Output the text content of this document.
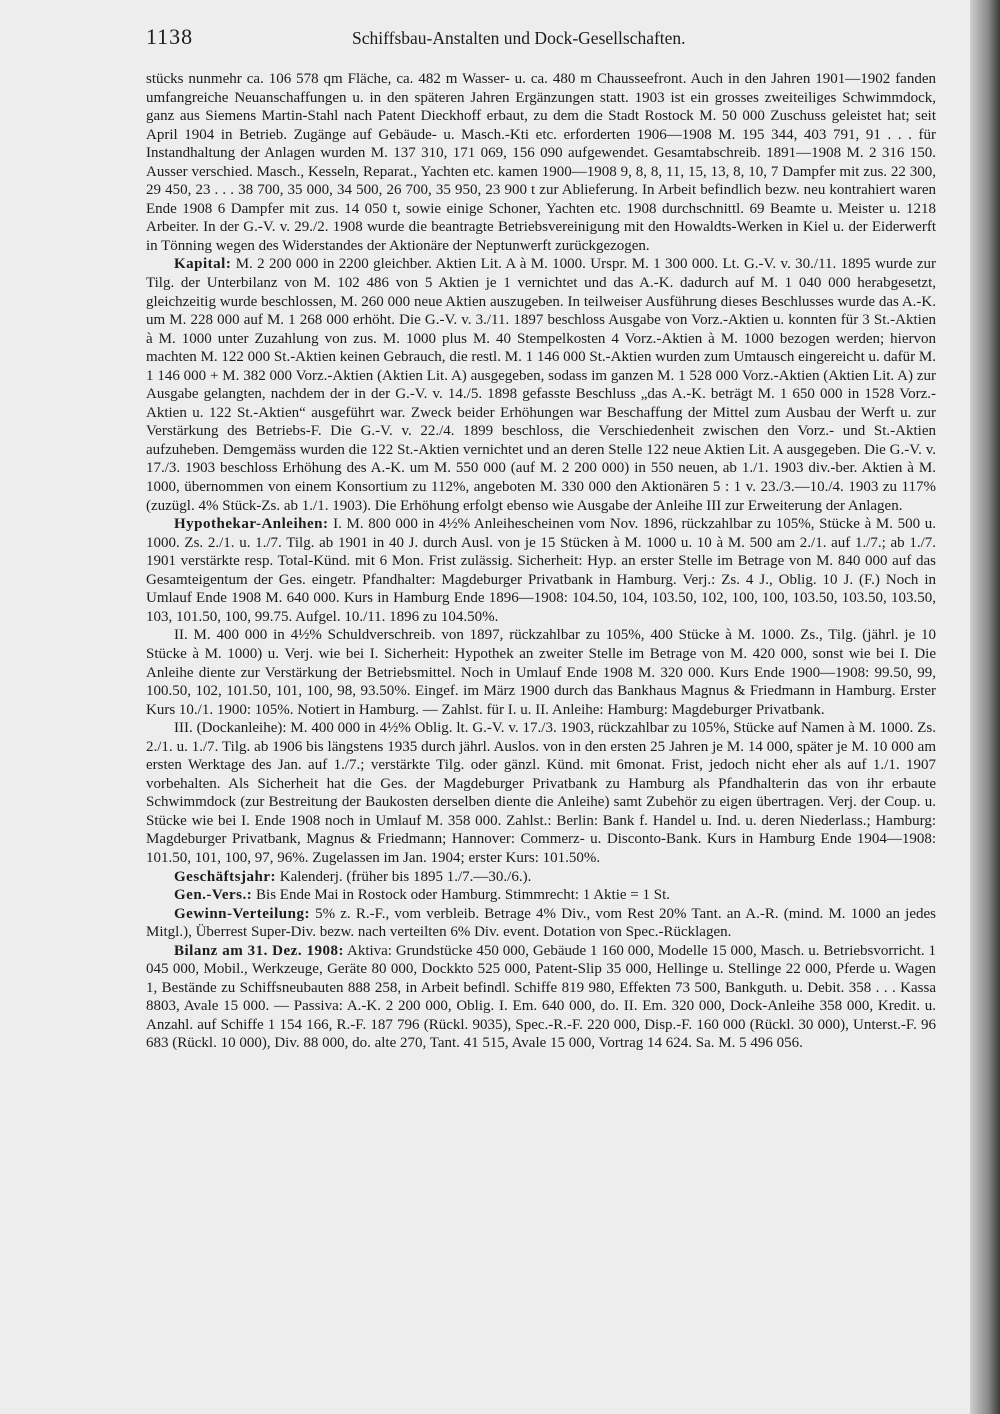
1138	Schiffsbau-Anstalten und Dock-Gesellschaften.

stücks nunmehr ca. 106 578 qm Fläche, ca. 482 m Wasser- u. ca. 480 m Chausseefront. Auch in den Jahren 1901—1902 fanden umfangreiche Neuanschaffungen u. in den späteren Jahren Ergänzungen statt. 1903 ist ein grosses zweiteiliges Schwimmdock, ganz aus Siemens Martin-Stahl nach Patent Dieckhoff erbaut, zu dem die Stadt Rostock M. 50 000 Zuschuss geleistet hat; seit April 1904 in Betrieb. Zugänge auf Gebäude- u. Masch.-Kti etc. erforderten 1906—1908 M. 195 344, 403 791, 91 . . . für Instandhaltung der Anlagen wurden M. 137 310, 171 069, 156 090 aufgewendet. Gesamtabschreib. 1891—1908 M. 2 316 150. Ausser verschied. Masch., Kesseln, Reparat., Yachten etc. kamen 1900—1908 9, 8, 8, 11, 15, 13, 8, 10, 7 Dampfer mit zus. 22 300, 29 450, 23 . . . 38 700, 35 000, 34 500, 26 700, 35 950, 23 900 t zur Ablieferung. In Arbeit befindlich bezw. neu kontrahiert waren Ende 1908 6 Dampfer mit zus. 14 050 t, sowie einige Schoner, Yachten etc. 1908 durchschnittl. 69 Beamte u. Meister u. 1218 Arbeiter. In der G.-V. v. 29./2. 1908 wurde die beantragte Betriebsvereinigung mit den Howaldts-Werken in Kiel u. der Eiderwerft in Tönning wegen des Widerstandes der Aktionäre der Neptunwerft zurückgezogen.

Kapital: M. 2 200 000 in 2200 gleichber. Aktien Lit. A à M. 1000. Urspr. M. 1 300 000. Lt. G.-V. v. 30./11. 1895 wurde zur Tilg. der Unterbilanz von M. 102 486 von 5 Aktien je 1 vernichtet und das A.-K. dadurch auf M. 1 040 000 herabgesetzt, gleichzeitig wurde beschlossen, M. 260 000 neue Aktien auszugeben. In teilweiser Ausführung dieses Beschlusses wurde das A.-K. um M. 228 000 auf M. 1 268 000 erhöht. Die G.-V. v. 3./11. 1897 beschloss Ausgabe von Vorz.-Aktien u. konnten für 3 St.-Aktien à M. 1000 unter Zuzahlung von zus. M. 1000 plus M. 40 Stempelkosten 4 Vorz.-Aktien à M. 1000 bezogen werden; hiervon machten M. 122 000 St.-Aktien keinen Gebrauch, die restl. M. 1 146 000 St.-Aktien wurden zum Umtausch eingereicht u. dafür M. 1 146 000 + M. 382 000 Vorz.-Aktien (Aktien Lit. A) ausgegeben, sodass im ganzen M. 1 528 000 Vorz.-Aktien (Aktien Lit. A) zur Ausgabe gelangten, nachdem der in der G.-V. v. 14./5. 1898 gefasste Beschluss „das A.-K. beträgt M. 1 650 000 in 1528 Vorz.-Aktien u. 122 St.-Aktien“ ausgeführt war. Zweck beider Erhöhungen war Beschaffung der Mittel zum Ausbau der Werft u. zur Verstärkung des Betriebs-F. Die G.-V. v. 22./4. 1899 beschloss, die Verschiedenheit zwischen den Vorz.- und St.-Aktien aufzuheben. Demgemäss wurden die 122 St.-Aktien vernichtet und an deren Stelle 122 neue Aktien Lit. A ausgegeben. Die G.-V. v. 17./3. 1903 beschloss Erhöhung des A.-K. um M. 550 000 (auf M. 2 200 000) in 550 neuen, ab 1./1. 1903 div.-ber. Aktien à M. 1000, übernommen von einem Konsortium zu 112%, angeboten M. 330 000 den Aktionären 5 : 1 v. 23./3.—10./4. 1903 zu 117% (zuzügl. 4% Stück-Zs. ab 1./1. 1903). Die Erhöhung erfolgt ebenso wie Ausgabe der Anleihe III zur Erweiterung der Anlagen.

Hypothekar-Anleihen: I. M. 800 000 in 4½% Anleihescheinen vom Nov. 1896, rückzahlbar zu 105%, Stücke à M. 500 u. 1000. Zs. 2./1. u. 1./7. Tilg. ab 1901 in 40 J. durch Ausl. von je 15 Stücken à M. 1000 u. 10 à M. 500 am 2./1. auf 1./7.; ab 1./7. 1901 verstärkte resp. Total-Künd. mit 6 Mon. Frist zulässig. Sicherheit: Hyp. an erster Stelle im Betrage von M. 840 000 auf das Gesamteigentum der Ges. eingetr. Pfandhalter: Magdeburger Privatbank in Hamburg. Verj.: Zs. 4 J., Oblig. 10 J. (F.) Noch in Umlauf Ende 1908 M. 640 000. Kurs in Hamburg Ende 1896—1908: 104.50, 104, 103.50, 102, 100, 100, 103.50, 103.50, 103.50, 103, 101.50, 100, 99.75. Aufgel. 10./11. 1896 zu 104.50%.

II. M. 400 000 in 4½% Schuldverschreib. von 1897, rückzahlbar zu 105%, 400 Stücke à M. 1000. Zs., Tilg. (jährl. je 10 Stücke à M. 1000) u. Verj. wie bei I. Sicherheit: Hypothek an zweiter Stelle im Betrage von M. 420 000, sonst wie bei I. Die Anleihe diente zur Verstärkung der Betriebsmittel. Noch in Umlauf Ende 1908 M. 320 000. Kurs Ende 1900—1908: 99.50, 99, 100.50, 102, 101.50, 101, 100, 98, 93.50%. Eingef. im März 1900 durch das Bankhaus Magnus & Friedmann in Hamburg. Erster Kurs 10./1. 1900: 105%. Notiert in Hamburg. — Zahlst. für I. u. II. Anleihe: Hamburg: Magdeburger Privatbank.

III. (Dockanleihe): M. 400 000 in 4½% Oblig. lt. G.-V. v. 17./3. 1903, rückzahlbar zu 105%, Stücke auf Namen à M. 1000. Zs. 2./1. u. 1./7. Tilg. ab 1906 bis längstens 1935 durch jährl. Auslos. von in den ersten 25 Jahren je M. 14 000, später je M. 10 000 am ersten Werktage des Jan. auf 1./7.; verstärkte Tilg. oder gänzl. Künd. mit 6monat. Frist, jedoch nicht eher als auf 1./1. 1907 vorbehalten. Als Sicherheit hat die Ges. der Magdeburger Privatbank zu Hamburg als Pfandhalterin das von ihr erbaute Schwimmdock (zur Bestreitung der Baukosten derselben diente die Anleihe) samt Zubehör zu eigen übertragen. Verj. der Coup. u. Stücke wie bei I. Ende 1908 noch in Umlauf M. 358 000. Zahlst.: Berlin: Bank f. Handel u. Ind. u. deren Niederlass.; Hamburg: Magdeburger Privatbank, Magnus & Friedmann; Hannover: Commerz- u. Disconto-Bank. Kurs in Hamburg Ende 1904—1908: 101.50, 101, 100, 97, 96%. Zugelassen im Jan. 1904; erster Kurs: 101.50%.

Geschäftsjahr: Kalenderj. (früher bis 1895 1./7.—30./6.).

Gen.-Vers.: Bis Ende Mai in Rostock oder Hamburg. Stimmrecht: 1 Aktie = 1 St.

Gewinn-Verteilung: 5% z. R.-F., vom verbleib. Betrage 4% Div., vom Rest 20% Tant. an A.-R. (mind. M. 1000 an jedes Mitgl.), Überrest Super-Div. bezw. nach verteilten 6% Div. event. Dotation von Spec.-Rücklagen.

Bilanz am 31. Dez. 1908: Aktiva: Grundstücke 450 000, Gebäude 1 160 000, Modelle 15 000, Masch. u. Betriebsvorricht. 1 045 000, Mobil., Werkzeuge, Geräte 80 000, Dockkto 525 000, Patent-Slip 35 000, Hellinge u. Stellinge 22 000, Pferde u. Wagen 1, Bestände zu Schiffsneubauten 888 258, in Arbeit befindl. Schiffe 819 980, Effekten 73 500, Bankguth. u. Debit. 358 . . . Kassa 8803, Avale 15 000. — Passiva: A.-K. 2 200 000, Oblig. I. Em. 640 000, do. II. Em. 320 000, Dock-Anleihe 358 000, Kredit. u. Anzahl. auf Schiffe 1 154 166, R.-F. 187 796 (Rückl. 9035), Spec.-R.-F. 220 000, Disp.-F. 160 000 (Rückl. 30 000), Unterst.-F. 96 683 (Rückl. 10 000), Div. 88 000, do. alte 270, Tant. 41 515, Avale 15 000, Vortrag 14 624. Sa. M. 5 496 056.
